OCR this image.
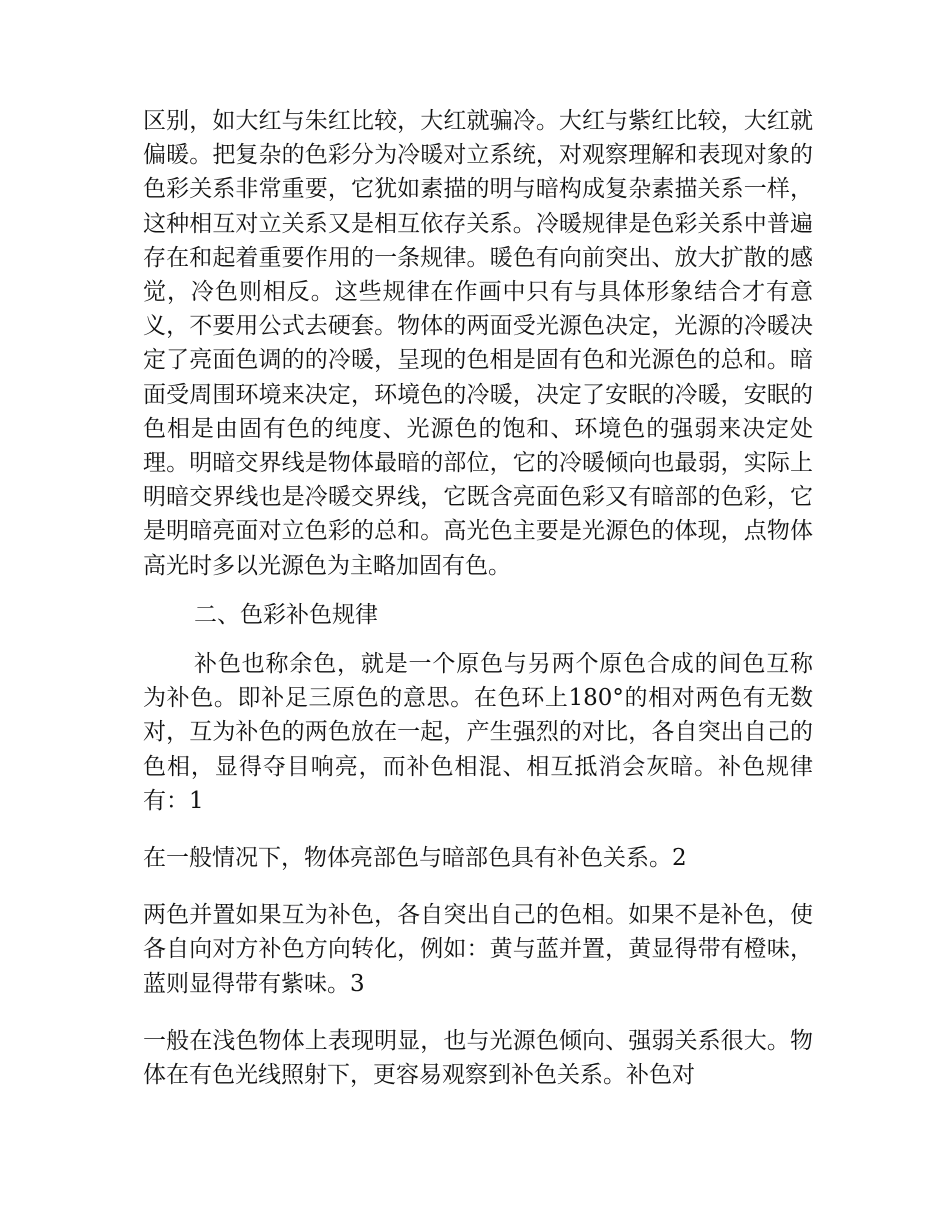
区别，如大红与朱红比较，大红就骗冷。大红与紫红比较，大红就偏暖。把复杂的色彩分为冷暖对立系统，对观察理解和表现对象的色彩关系非常重要，它犹如素描的明与暗构成复杂素描关系一样，这种相互对立关系又是相互依存关系。冷暖规律是色彩关系中普遍存在和起着重要作用的一条规律。暖色有向前突出、放大扩散的感觉，冷色则相反。这些规律在作画中只有与具体形象结合才有意义，不要用公式去硬套。物体的两面受光源色决定，光源的冷暖决定了亮面色调的的冷暖，呈现的色相是固有色和光源色的总和。暗面受周围环境来决定，环境色的冷暖，决定了安眠的冷暖，安眠的色相是由固有色的纯度、光源色的饱和、环境色的强弱来决定处理。明暗交界线是物体最暗的部位，它的冷暖倾向也最弱，实际上明暗交界线也是冷暖交界线，它既含亮面色彩又有暗部的色彩，它是明暗亮面对立色彩的总和。高光色主要是光源色的体现，点物体高光时多以光源色为主略加固有色。

二、色彩补色规律

补色也称余色，就是一个原色与另两个原色合成的间色互称为补色。即补足三原色的意思。在色环上180°的相对两色有无数对，互为补色的两色放在一起，产生强烈的对比，各自突出自己的色相，显得夺目响亮，而补色相混、相互抵消会灰暗。补色规律有：1

在一般情况下，物体亮部色与暗部色具有补色关系。2

两色并置如果互为补色，各自突出自己的色相。如果不是补色，使各自向对方补色方向转化，例如：黄与蓝并置，黄显得带有橙味，蓝则显得带有紫味。3

一般在浅色物体上表现明显，也与光源色倾向、强弱关系很大。物体在有色光线照射下，更容易观察到补色关系。补色对
